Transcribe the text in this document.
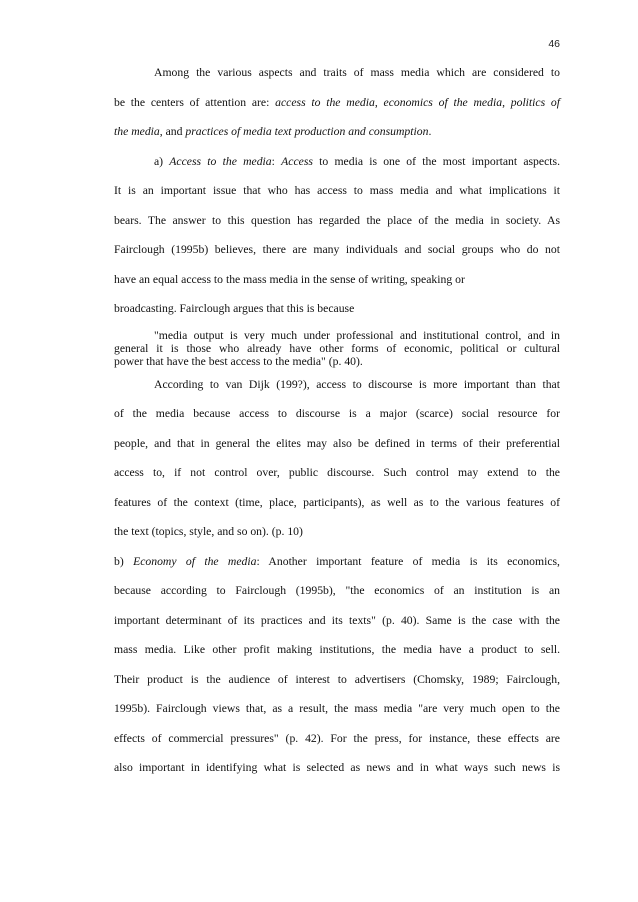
46
Among the various aspects and traits of mass media which are considered to
be the centers of attention are: access to the media, economics of the media, politics of
the media, and practices of media text production and consumption.
a) Access to the media: Access to media is one of the most important aspects.
It is an important issue that who has access to mass media and what implications it
bears. The answer to this question has regarded the place of the media in society. As
Fairclough (1995b) believes, there are many individuals and social groups who do not
have an equal access to the mass media in the sense of writing, speaking or
broadcasting. Fairclough argues that this is because
"media output is very much under professional and institutional control, and in
general it is those who already have other forms of economic, political or cultural
power that have the best access to the media" (p. 40).
According to van Dijk (199?), access to discourse is more important than that
of the media because access to discourse is a major (scarce) social resource for
people, and that in general the elites may also be defined in terms of their preferential
access to, if not control over, public discourse. Such control may extend to the
features of the context (time, place, participants), as well as to the various features of
the text (topics, style, and so on). (p. 10)
b) Economy of the media: Another important feature of media is its economics,
because according to Fairclough (1995b), "the economics of an institution is an
important determinant of its practices and its texts" (p. 40). Same is the case with the
mass media. Like other profit making institutions, the media have a product to sell.
Their product is the audience of interest to advertisers (Chomsky, 1989; Fairclough,
1995b). Fairclough views that, as a result, the mass media "are very much open to the
effects of commercial pressures" (p. 42). For the press, for instance, these effects are
also important in identifying what is selected as news and in what ways such news is
